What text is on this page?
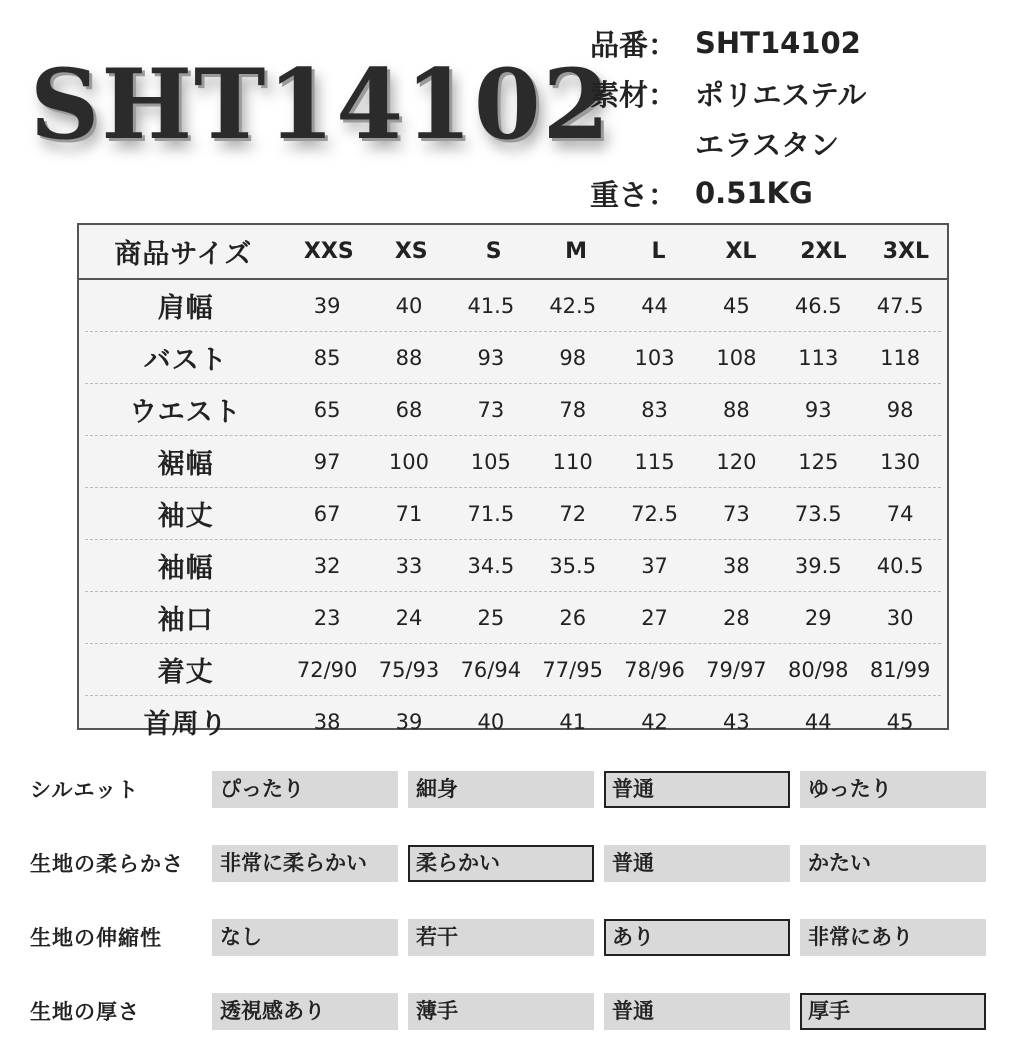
SHT14102
品番： SHT14102
素材： ポリエステル
エラスタン
重さ： 0.51KG
商品サイズ	XXS	XS	S	M	L	XL	2XL	3XL
肩幅	39	40	41.5	42.5	44	45	46.5	47.5
バスト	85	88	93	98	103	108	113	118
ウエスト	65	68	73	78	83	88	93	98
裾幅	97	100	105	110	115	120	125	130
袖丈	67	71	71.5	72	72.5	73	73.5	74
袖幅	32	33	34.5	35.5	37	38	39.5	40.5
袖口	23	24	25	26	27	28	29	30
着丈	72/90	75/93	76/94	77/95	78/96	79/97	80/98	81/99
首周り	38	39	40	41	42	43	44	45
シルエット	ぴったり	細身	普通	ゆったり
生地の柔らかさ	非常に柔らかい	柔らかい	普通	かたい
生地の伸縮性	なし	若干	あり	非常にあり
生地の厚さ	透視感あり	薄手	普通	厚手
